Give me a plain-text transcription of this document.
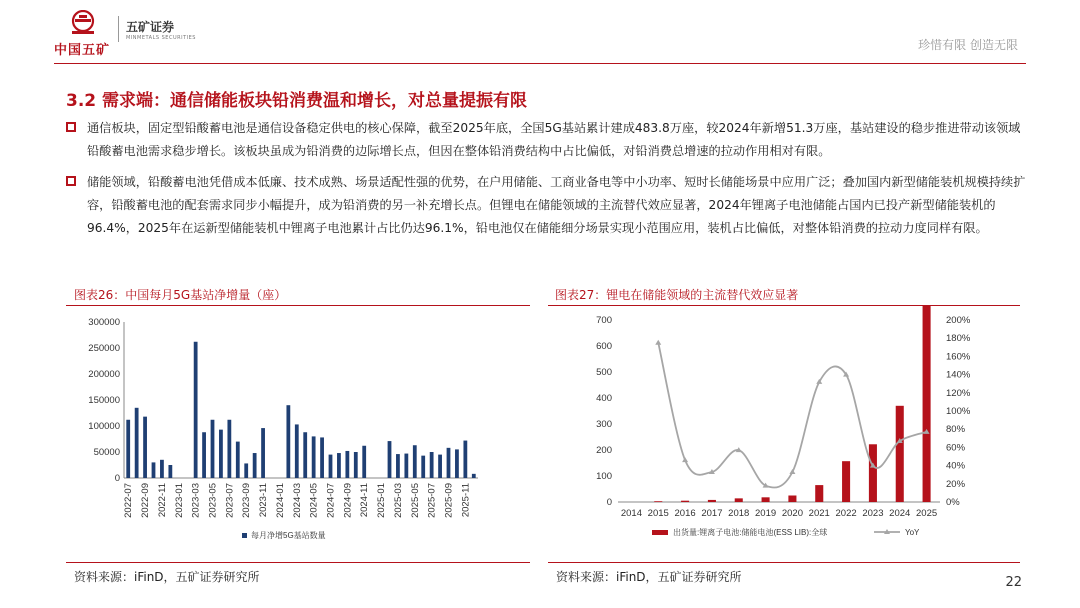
中国五矿
五矿证券
MINMETALS SECURITIES	珍惜有限 创造无限
3.2 需求端：通信储能板块铅消费温和增长，对总量提振有限
通信板块，固定型铅酸蓄电池是通信设备稳定供电的核心保障，截至2025年底，全国5G基站累计建成483.8万座，较2024年新增51.3万座，基站建设的稳步推进带动该领域铅酸蓄电池需求稳步增长。该板块虽成为铅消费的边际增长点，但因在整体铅消费结构中占比偏低，对铅消费总增速的拉动作用相对有限。
储能领域，铅酸蓄电池凭借成本低廉、技术成熟、场景适配性强的优势，在户用储能、工商业备电等中小功率、短时长储能场景中应用广泛；叠加国内新型储能装机规模持续扩容，铅酸蓄电池的配套需求同步小幅提升，成为铅消费的另一补充增长点。但锂电在储能领域的主流替代效应显著，2024年锂离子电池储能占国内已投产新型储能装机的96.4%，2025年在运新型储能装机中锂离子电池累计占比仍达96.1%，铅电池仅在储能细分场景实现小范围应用，装机占比偏低，对整体铅消费的拉动力度同样有限。
图表26：中国每月5G基站净增量（座）
0
50000
100000
150000
200000
250000
300000
2022-07 2022-09 2022-11 2023-01 2023-03 2023-05 2023-07 2023-09 2023-11 2024-01 2024-03 2024-05 2024-07 2024-09 2024-11 2025-01 2025-03 2025-05 2025-07 2025-09 2025-11
每月净增5G基站数量
资料来源：iFinD，五矿证券研究所
图表27：锂电在储能领域的主流替代效应显著
0
100
200
300
400
500
600
700
0%
20%
40%
60%
80%
100%
120%
140%
160%
180%
200%
2014 2015 2016 2017 2018 2019 2020 2021 2022 2023 2024 2025
出货量:锂离子电池:储能电池(ESS LIB):全球	YoY
资料来源：iFinD，五矿证券研究所	22
